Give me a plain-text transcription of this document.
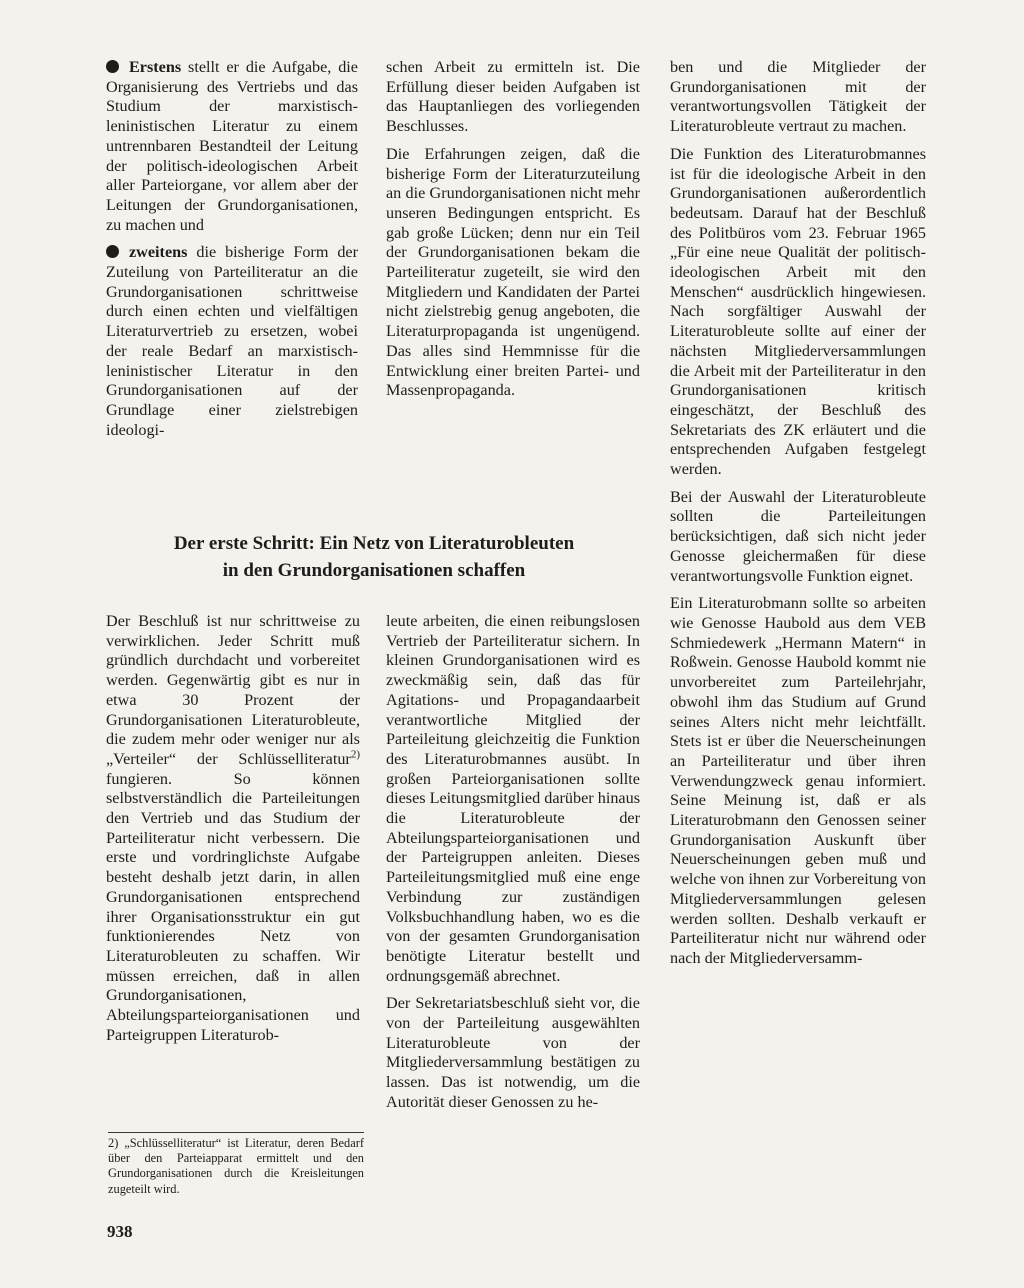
Erstens stellt er die Aufgabe, die Organisierung des Vertriebs und das Studium der marxistisch-leninistischen Literatur zu einem untrennbaren Bestandteil der Leitung der politisch-ideologischen Arbeit aller Parteiorgane, vor allem aber der Leitungen der Grundorganisationen, zu machen und

zweitens die bisherige Form der Zuteilung von Parteiliteratur an die Grundorganisationen schrittweise durch einen echten und vielfältigen Literaturvertrieb zu ersetzen, wobei der reale Bedarf an marxistisch-leninistischer Literatur in den Grundorganisationen auf der Grundlage einer zielstrebigen ideologi-

schen Arbeit zu ermitteln ist. Die Erfüllung dieser beiden Aufgaben ist das Hauptanliegen des vorliegenden Beschlusses.

Die Erfahrungen zeigen, daß die bisherige Form der Literaturzuteilung an die Grundorganisationen nicht mehr unseren Bedingungen entspricht. Es gab große Lücken; denn nur ein Teil der Grundorganisationen bekam die Parteiliteratur zugeteilt, sie wird den Mitgliedern und Kandidaten der Partei nicht zielstrebig genug angeboten, die Literaturpropaganda ist ungenügend. Das alles sind Hemmnisse für die Entwicklung einer breiten Partei- und Massenpropaganda.

Der erste Schritt: Ein Netz von Literaturobleuten
in den Grundorganisationen schaffen

Der Beschluß ist nur schrittweise zu verwirklichen. Jeder Schritt muß gründlich durchdacht und vorbereitet werden. Gegenwärtig gibt es nur in etwa 30 Prozent der Grundorganisationen Literaturobleute, die zudem mehr oder weniger nur als „Verteiler“ der Schlüsselliteratur$^{2)}$ fungieren. So können selbstverständlich die Parteileitungen den Vertrieb und das Studium der Parteiliteratur nicht verbessern. Die erste und vordringlichste Aufgabe besteht deshalb jetzt darin, in allen Grundorganisationen entsprechend ihrer Organisationsstruktur ein gut funktionierendes Netz von Literaturobleuten zu schaffen. Wir müssen erreichen, daß in allen Grundorganisationen, Abteilungsparteiorganisationen und Parteigruppen Literaturob-

leute arbeiten, die einen reibungslosen Vertrieb der Parteiliteratur sichern. In kleinen Grundorganisationen wird es zweckmäßig sein, daß das für Agitations- und Propagandaarbeit verantwortliche Mitglied der Parteileitung gleichzeitig die Funktion des Literaturobmannes ausübt. In großen Parteiorganisationen sollte dieses Leitungsmitglied darüber hinaus die Literaturobleute der Abteilungsparteiorganisationen und der Parteigruppen anleiten. Dieses Parteileitungsmitglied muß eine enge Verbindung zur zuständigen Volksbuchhandlung haben, wo es die von der gesamten Grundorganisation benötigte Literatur bestellt und ordnungsgemäß abrechnet.

Der Sekretariatsbeschluß sieht vor, die von der Parteileitung ausgewählten Literaturobleute von der Mitgliederversammlung bestätigen zu lassen. Das ist notwendig, um die Autorität dieser Genossen zu he-

ben und die Mitglieder der Grundorganisationen mit der verantwortungsvollen Tätigkeit der Literaturobleute vertraut zu machen.

Die Funktion des Literaturobmannes ist für die ideologische Arbeit in den Grundorganisationen außerordentlich bedeutsam. Darauf hat der Beschluß des Politbüros vom 23. Februar 1965 „Für eine neue Qualität der politisch-ideologischen Arbeit mit den Menschen“ ausdrücklich hingewiesen. Nach sorgfältiger Auswahl der Literaturobleute sollte auf einer der nächsten Mitgliederversammlungen die Arbeit mit der Parteiliteratur in den Grundorganisationen kritisch eingeschätzt, der Beschluß des Sekretariats des ZK erläutert und die entsprechenden Aufgaben festgelegt werden.

Bei der Auswahl der Literaturobleute sollten die Parteileitungen berücksichtigen, daß sich nicht jeder Genosse gleichermaßen für diese verantwortungsvolle Funktion eignet.

Ein Literaturobmann sollte so arbeiten wie Genosse Haubold aus dem VEB Schmiedewerk „Hermann Matern“ in Roßwein. Genosse Haubold kommt nie unvorbereitet zum Parteilehrjahr, obwohl ihm das Studium auf Grund seines Alters nicht mehr leichtfällt. Stets ist er über die Neuerscheinungen an Parteiliteratur und über ihren Verwendungzweck genau informiert. Seine Meinung ist, daß er als Literaturobmann den Genossen seiner Grundorganisation Auskunft über Neuerscheinungen geben muß und welche von ihnen zur Vorbereitung von Mitgliederversammlungen gelesen werden sollten. Deshalb verkauft er Parteiliteratur nicht nur während oder nach der Mitgliederversamm-

2) „Schlüsselliteratur“ ist Literatur, deren Bedarf über den Parteiapparat ermittelt und den Grundorganisationen durch die Kreisleitungen zugeteilt wird.
938
